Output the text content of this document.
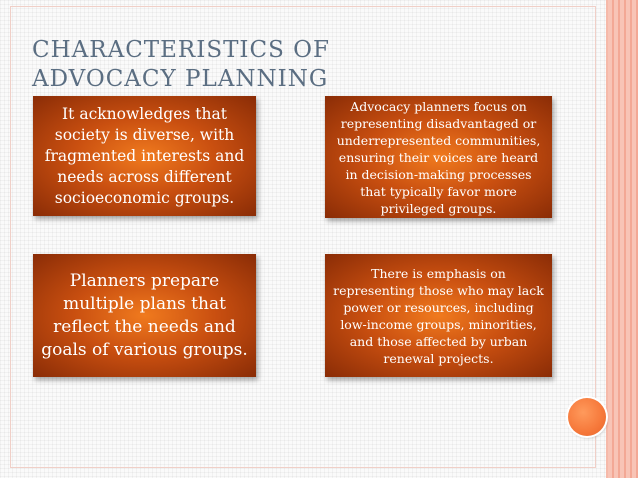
CHARACTERISTICS OF
ADVOCACY PLANNING

It acknowledges that society is diverse, with fragmented interests and needs across different socioeconomic groups.

Advocacy planners focus on representing disadvantaged or underrepresented communities, ensuring their voices are heard in decision-making processes that typically favor more privileged groups.

Planners prepare multiple plans that reflect the needs and goals of various groups.

There is emphasis on representing those who may lack power or resources, including low-income groups, minorities, and those affected by urban renewal projects.
